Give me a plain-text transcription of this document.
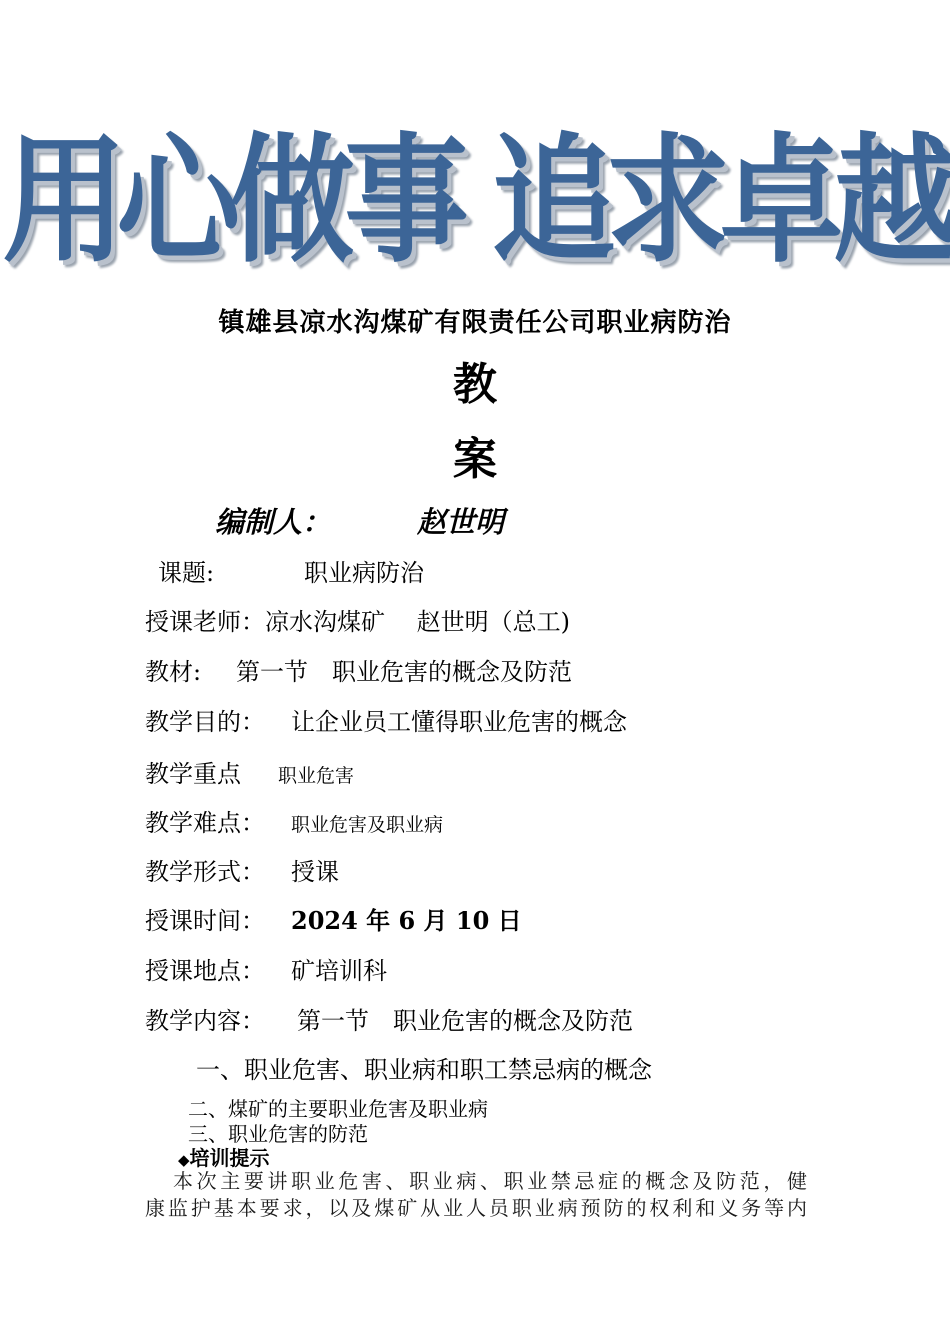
用心做事 追求卓越
镇雄县凉水沟煤矿有限责任公司职业病防治
教
案
编制人：	赵世明
课题:	职业病防治
授课老师：凉水沟煤矿　 赵世明（总工)
教材: 第一节　职业危害的概念及防范
教学目的： 让企业员工懂得职业危害的概念
教学重点 职业危害
教学难点： 职业危害及职业病
教学形式： 授课
授课时间： 2024 年 6 月 10 日
授课地点： 矿培训科
教学内容： 第一节　职业危害的概念及防范
一、职业危害、职业病和职工禁忌病的概念
二、煤矿的主要职业危害及职业病
三、职业危害的防范
◆培训提示
本次主要讲职业危害、职业病、职业禁忌症的概念及防范，健
康监护基本要求，以及煤矿从业人员职业病预防的权利和义务等内
